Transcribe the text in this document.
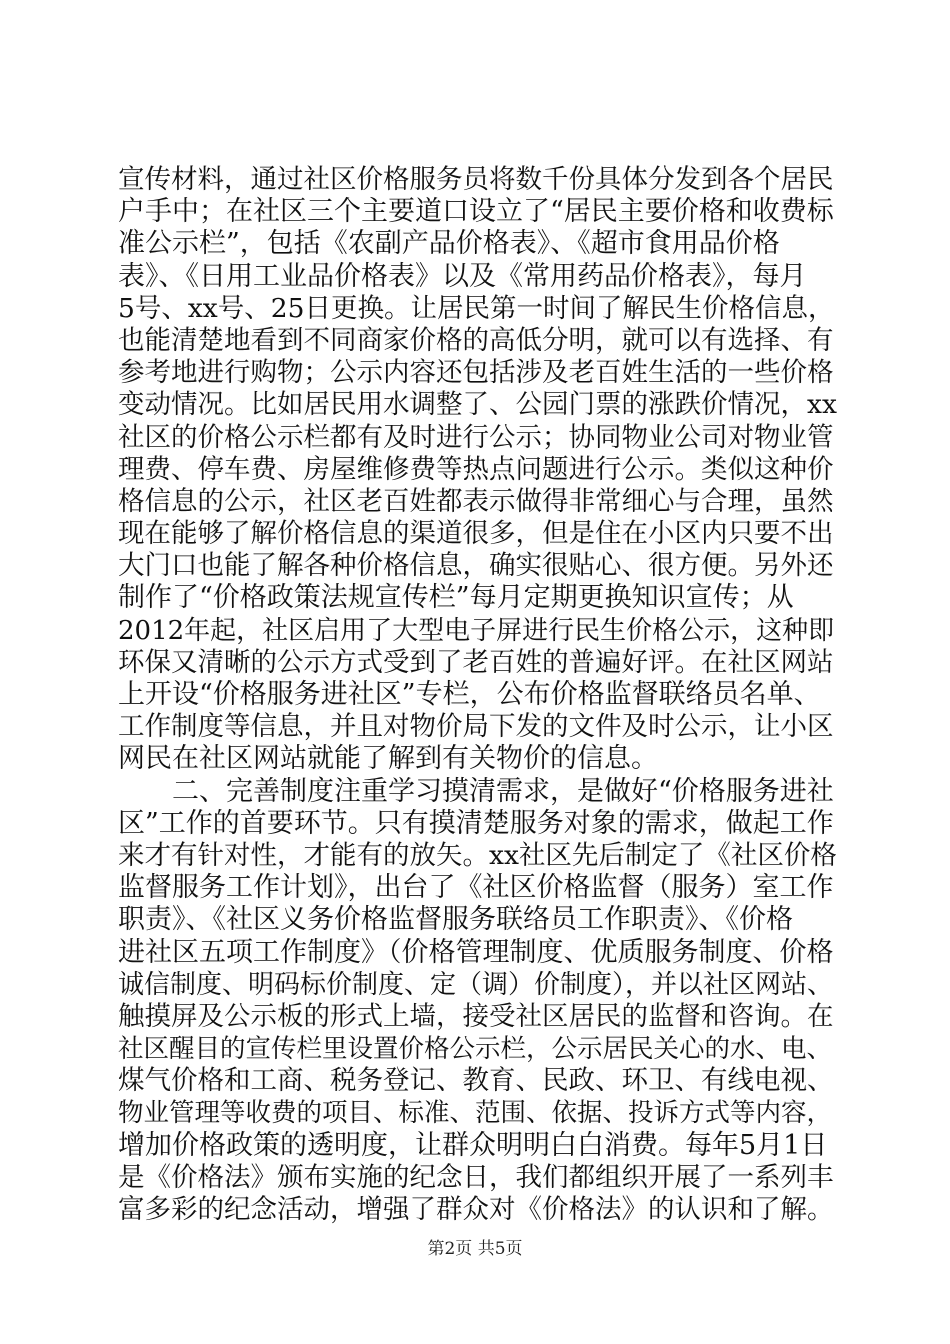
宣传材料，通过社区价格服务员将数千份具体分发到各个居民
户手中；在社区三个主要道口设立了“居民主要价格和收费标
准公示栏”，包括《农副产品价格表》、《超市食用品价格
表》、《日用工业品价格表》以及《常用药品价格表》，每月
5号、xx号、25日更换。让居民第一时间了解民生价格信息，
也能清楚地看到不同商家价格的高低分明，就可以有选择、有
参考地进行购物；公示内容还包括涉及老百姓生活的一些价格
变动情况。比如居民用水调整了、公园门票的涨跌价情况，xx
社区的价格公示栏都有及时进行公示；协同物业公司对物业管
理费、停车费、房屋维修费等热点问题进行公示。类似这种价
格信息的公示，社区老百姓都表示做得非常细心与合理，虽然
现在能够了解价格信息的渠道很多，但是住在小区内只要不出
大门口也能了解各种价格信息，确实很贴心、很方便。另外还
制作了“价格政策法规宣传栏”每月定期更换知识宣传；从
2012年起，社区启用了大型电子屏进行民生价格公示，这种即
环保又清晰的公示方式受到了老百姓的普遍好评。在社区网站
上开设“价格服务进社区”专栏，公布价格监督联络员名单、
工作制度等信息，并且对物价局下发的文件及时公示，让小区
网民在社区网站就能了解到有关物价的信息。
　　二、完善制度注重学习摸清需求，是做好“价格服务进社
区”工作的首要环节。只有摸清楚服务对象的需求，做起工作
来才有针对性，才能有的放矢。xx社区先后制定了《社区价格
监督服务工作计划》，出台了《社区价格监督（服务）室工作
职责》、《社区义务价格监督服务联络员工作职责》、《价格
进社区五项工作制度》（价格管理制度、优质服务制度、价格
诚信制度、明码标价制度、定（调）价制度），并以社区网站、
触摸屏及公示板的形式上墙，接受社区居民的监督和咨询。在
社区醒目的宣传栏里设置价格公示栏，公示居民关心的水、电、
煤气价格和工商、税务登记、教育、民政、环卫、有线电视、
物业管理等收费的项目、标准、范围、依据、投诉方式等内容，
增加价格政策的透明度，让群众明明白白消费。每年5月1日
是《价格法》颁布实施的纪念日，我们都组织开展了一系列丰
富多彩的纪念活动，增强了群众对《价格法》的认识和了解。
第2页 共5页
